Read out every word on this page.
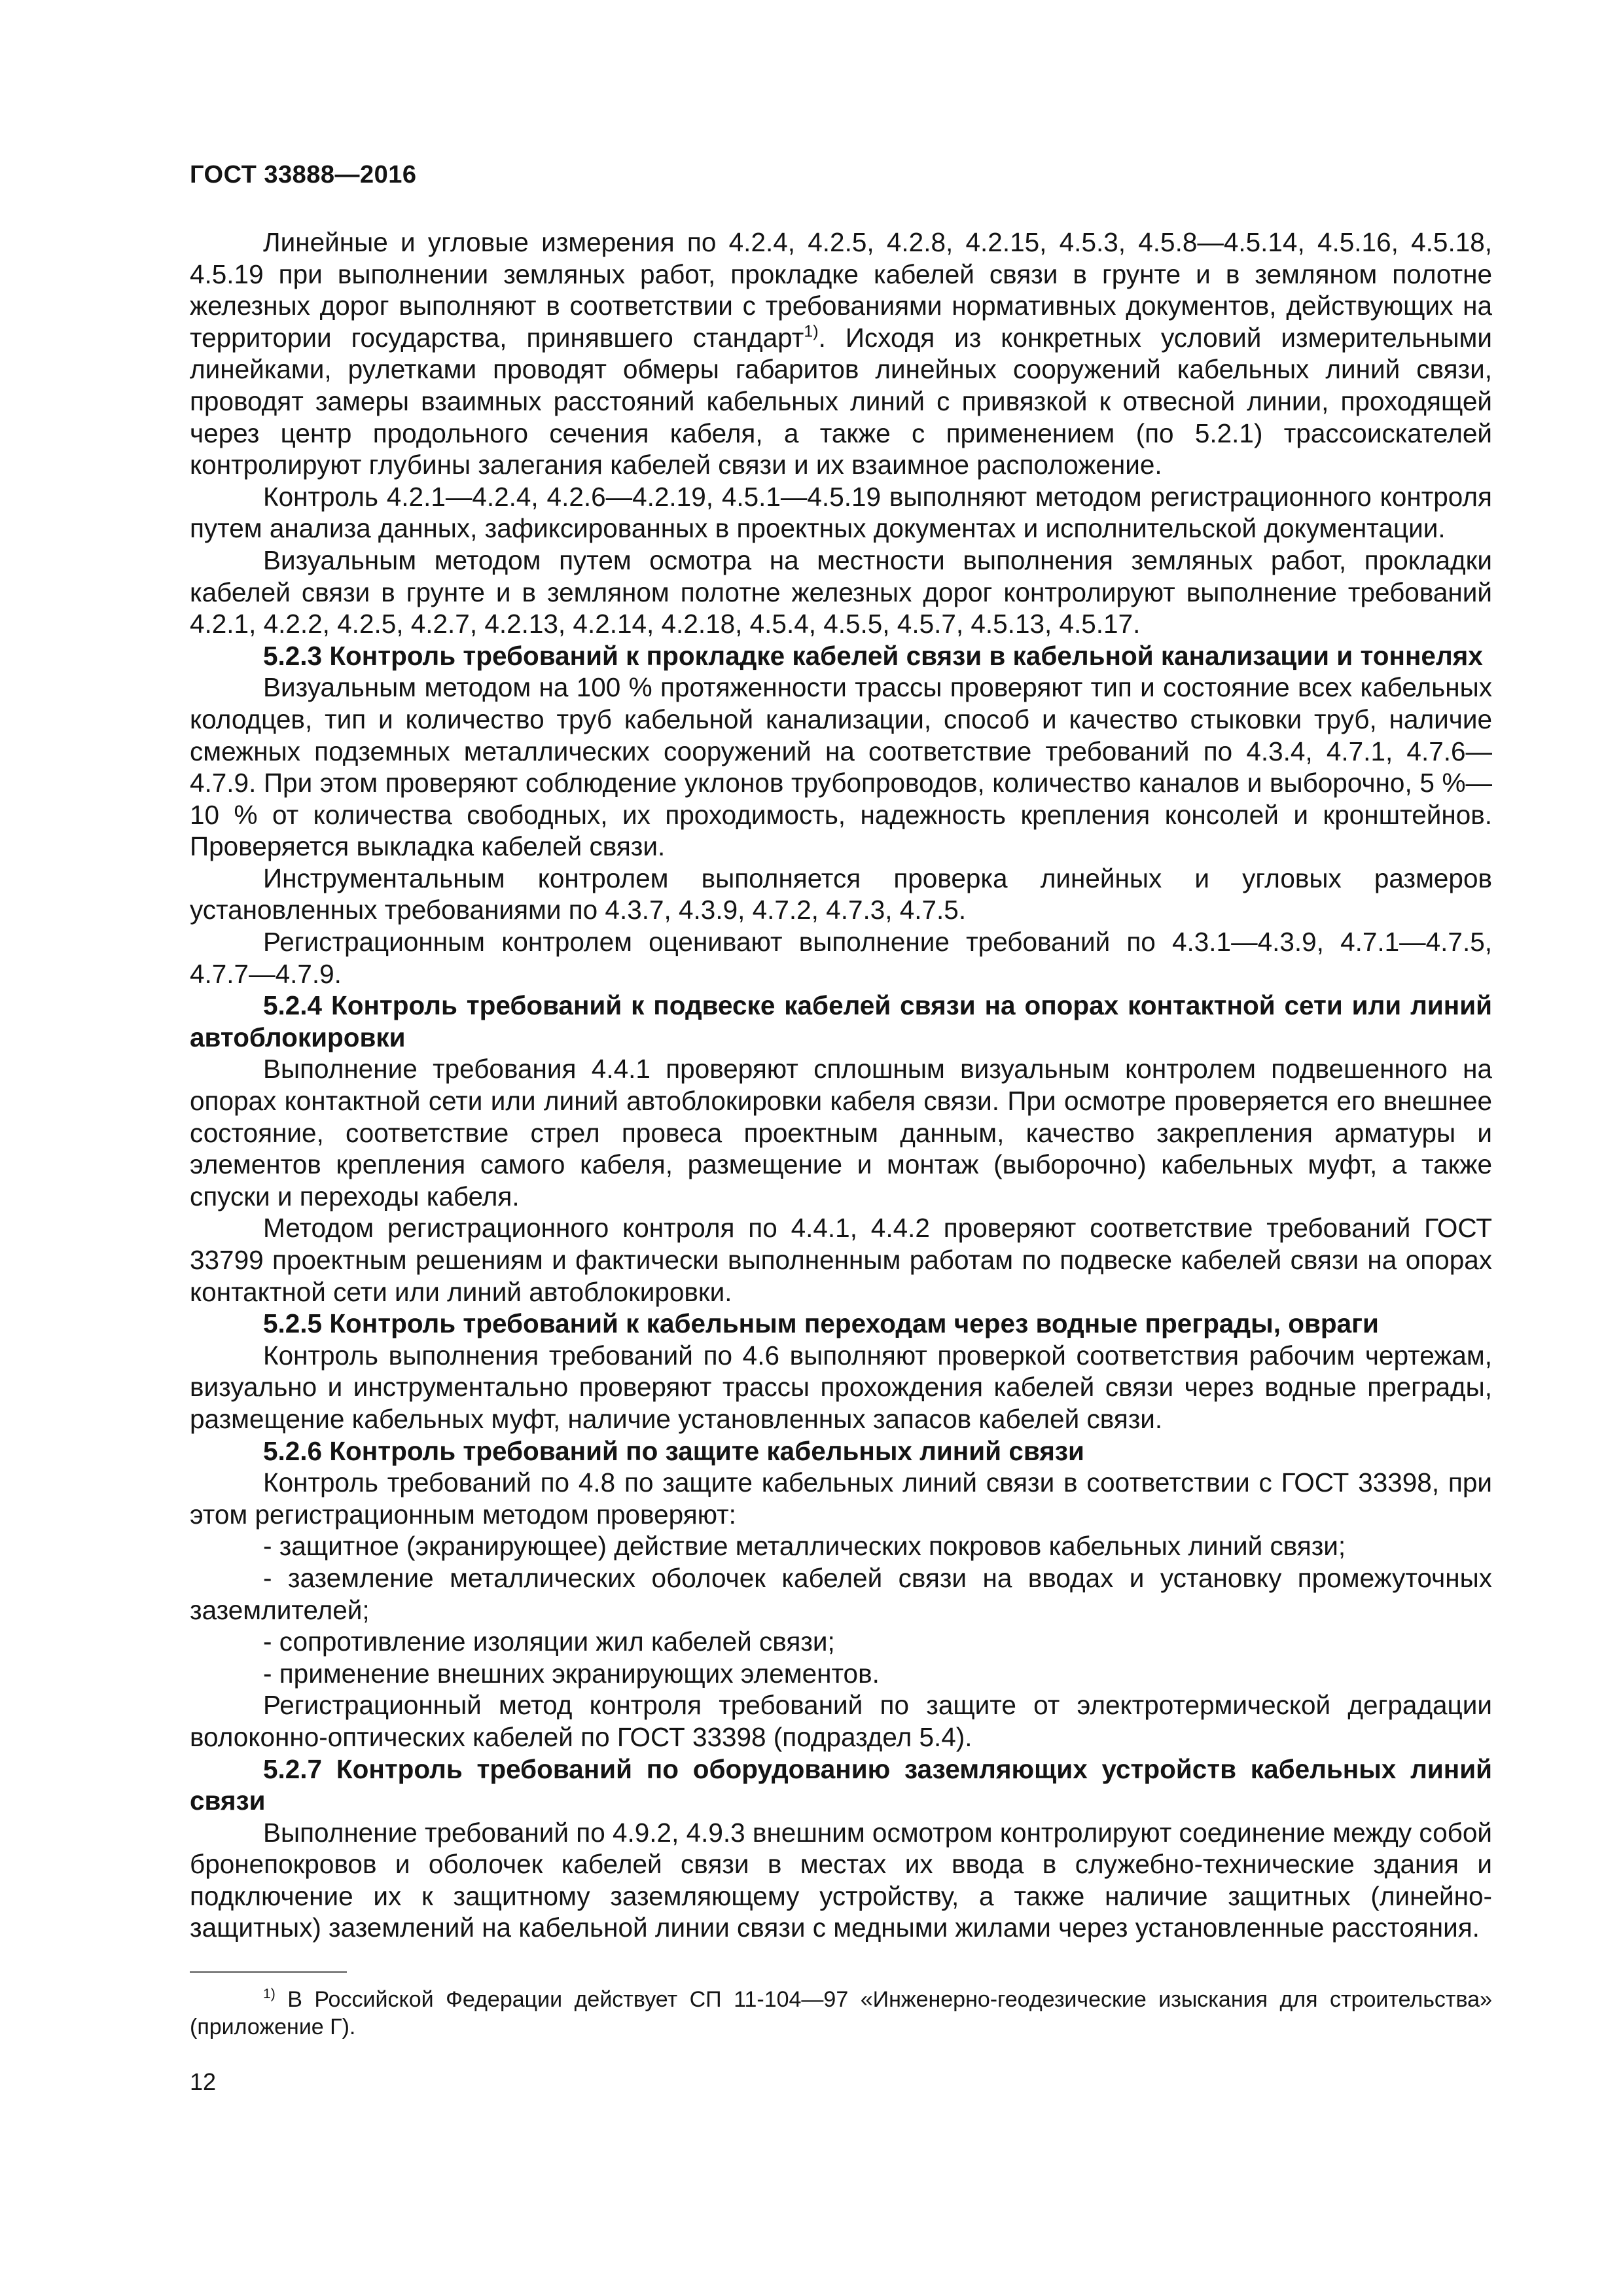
ГОСТ 33888—2016

Линейные и угловые измерения по 4.2.4, 4.2.5, 4.2.8, 4.2.15, 4.5.3, 4.5.8—4.5.14, 4.5.16, 4.5.18, 4.5.19 при выполнении земляных работ, прокладке кабелей связи в грунте и в земляном полотне железных дорог выполняют в соответствии с требованиями нормативных документов, действующих на территории государства, принявшего стандарт$^{1)}$. Исходя из конкретных условий измерительными линейками, рулетками проводят обмеры габаритов линейных сооружений кабельных линий связи, проводят замеры взаимных расстояний кабельных линий с привязкой к отвесной линии, проходящей через центр продольного сечения кабеля, а также с применением (по 5.2.1) трассоискателей контролируют глубины залегания кабелей связи и их взаимное расположение.

Контроль 4.2.1—4.2.4, 4.2.6—4.2.19, 4.5.1—4.5.19 выполняют методом регистрационного контроля путем анализа данных, зафиксированных в проектных документах и исполнительской документации.

Визуальным методом путем осмотра на местности выполнения земляных работ, прокладки кабелей связи в грунте и в земляном полотне железных дорог контролируют выполнение требований 4.2.1, 4.2.2, 4.2.5, 4.2.7, 4.2.13, 4.2.14, 4.2.18, 4.5.4, 4.5.5, 4.5.7, 4.5.13, 4.5.17.

5.2.3 Контроль требований к прокладке кабелей связи в кабельной канализации и тоннелях

Визуальным методом на 100 % протяженности трассы проверяют тип и состояние всех кабельных колодцев, тип и количество труб кабельной канализации, способ и качество стыковки труб, наличие смежных подземных металлических сооружений на соответствие требований по 4.3.4, 4.7.1, 4.7.6—4.7.9. При этом проверяют соблюдение уклонов трубопроводов, количество каналов и выборочно, 5 %—10 % от количества свободных, их проходимость, надежность крепления консолей и кронштейнов. Проверяется выкладка кабелей связи.

Инструментальным контролем выполняется проверка линейных и угловых размеров установленных требованиями по 4.3.7, 4.3.9, 4.7.2, 4.7.3, 4.7.5.

Регистрационным контролем оценивают выполнение требований по 4.3.1—4.3.9, 4.7.1—4.7.5, 4.7.7—4.7.9.

5.2.4 Контроль требований к подвеске кабелей связи на опорах контактной сети или линий автоблокировки

Выполнение требования 4.4.1 проверяют сплошным визуальным контролем подвешенного на опорах контактной сети или линий автоблокировки кабеля связи. При осмотре проверяется его внешнее состояние, соответствие стрел провеса проектным данным, качество закрепления арматуры и элементов крепления самого кабеля, размещение и монтаж (выборочно) кабельных муфт, а также спуски и переходы кабеля.

Методом регистрационного контроля по 4.4.1, 4.4.2 проверяют соответствие требований ГОСТ 33799 проектным решениям и фактически выполненным работам по подвеске кабелей связи на опорах контактной сети или линий автоблокировки.

5.2.5 Контроль требований к кабельным переходам через водные преграды, овраги

Контроль выполнения требований по 4.6 выполняют проверкой соответствия рабочим чертежам, визуально и инструментально проверяют трассы прохождения кабелей связи через водные преграды, размещение кабельных муфт, наличие установленных запасов кабелей связи.

5.2.6 Контроль требований по защите кабельных линий связи

Контроль требований по 4.8 по защите кабельных линий связи в соответствии с ГОСТ 33398, при этом регистрационным методом проверяют:

- защитное (экранирующее) действие металлических покровов кабельных линий связи;

- заземление металлических оболочек кабелей связи на вводах и установку промежуточных заземлителей;

- сопротивление изоляции жил кабелей связи;

- применение внешних экранирующих элементов.

Регистрационный метод контроля требований по защите от электротермической деградации волоконно-оптических кабелей по ГОСТ 33398 (подраздел 5.4).

5.2.7 Контроль требований по оборудованию заземляющих устройств кабельных линий связи

Выполнение требований по 4.9.2, 4.9.3 внешним осмотром контролируют соединение между собой бронепокровов и оболочек кабелей связи в местах их ввода в служебно-технические здания и подключение их к защитному заземляющему устройству, а также наличие защитных (линейно-защитных) заземлений на кабельной линии связи с медными жилами через установленные расстояния.

$^{1)}$ В Российской Федерации действует СП 11-104—97 «Инженерно-геодезические изыскания для строительства» (приложение Г).

12
